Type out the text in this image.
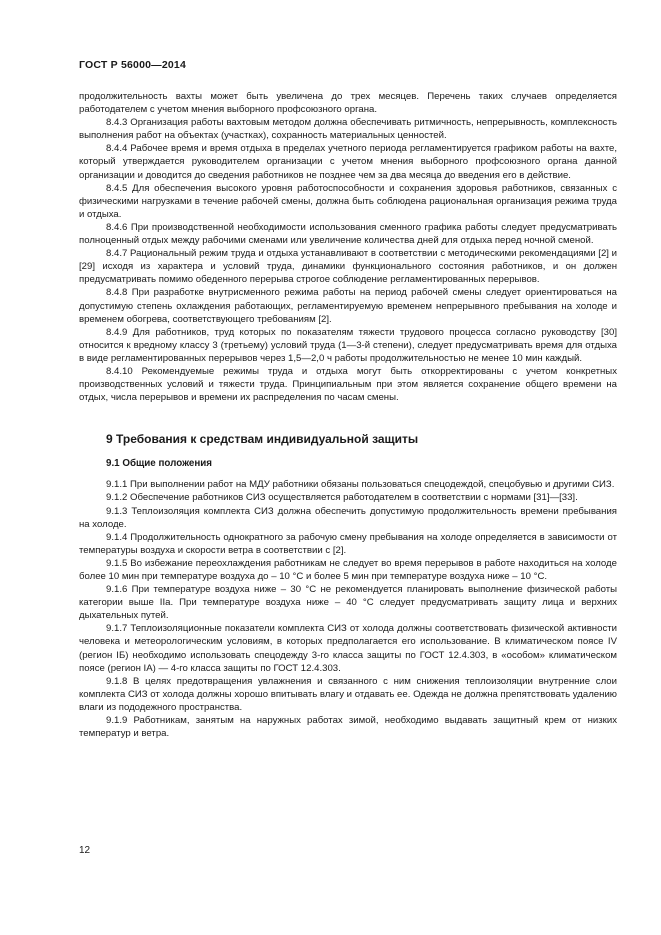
ГОСТ Р 56000—2014

продолжительность вахты может быть увеличена до трех месяцев. Перечень таких случаев определяется работодателем с учетом мнения выборного профсоюзного органа.

8.4.3 Организация работы вахтовым методом должна обеспечивать ритмичность, непрерывность, комплексность выполнения работ на объектах (участках), сохранность материальных ценностей.

8.4.4 Рабочее время и время отдыха в пределах учетного периода регламентируется графиком работы на вахте, который утверждается руководителем организации с учетом мнения выборного профсоюзного органа данной организации и доводится до сведения работников не позднее чем за два месяца до введения его в действие.

8.4.5 Для обеспечения высокого уровня работоспособности и сохранения здоровья работников, связанных с физическими нагрузками в течение рабочей смены, должна быть соблюдена рациональная организация режима труда и отдыха.

8.4.6 При производственной необходимости использования сменного графика работы следует предусматривать полноценный отдых между рабочими сменами или увеличение количества дней для отдыха перед ночной сменой.

8.4.7 Рациональный режим труда и отдыха устанавливают в соответствии с методическими рекомендациями [2] и [29] исходя из характера и условий труда, динамики функционального состояния работников, и он должен предусматривать помимо обеденного перерыва строгое соблюдение регламентированных перерывов.

8.4.8 При разработке внутрисменного режима работы на период рабочей смены следует ориентироваться на допустимую степень охлаждения работающих, регламентируемую временем непрерывного пребывания на холоде и временем обогрева, соответствующего требованиям [2].

8.4.9 Для работников, труд которых по показателям тяжести трудового процесса согласно руководству [30] относится к вредному классу 3 (третьему) условий труда (1—3-й степени), следует предусматривать время для отдыха в виде регламентированных перерывов через 1,5—2,0 ч работы продолжительностью не менее 10 мин каждый.

8.4.10 Рекомендуемые режимы труда и отдыха могут быть откорректированы с учетом конкретных производственных условий и тяжести труда. Принципиальным при этом является сохранение общего времени на отдых, числа перерывов и времени их распределения по часам смены.

9 Требования к средствам индивидуальной защиты
9.1 Общие положения

9.1.1 При выполнении работ на МДУ работники обязаны пользоваться спецодеждой, спецобувью и другими СИЗ.

9.1.2 Обеспечение работников СИЗ осуществляется работодателем в соответствии с нормами [31]—[33].

9.1.3 Теплоизоляция комплекта СИЗ должна обеспечить допустимую продолжительность времени пребывания на холоде.

9.1.4 Продолжительность однократного за рабочую смену пребывания на холоде определяется в зависимости от температуры воздуха и скорости ветра в соответствии с [2].

9.1.5 Во избежание переохлаждения работникам не следует во время перерывов в работе находиться на холоде более 10 мин при температуре воздуха до – 10 °С и более 5 мин при температуре воздуха ниже – 10 °С.

9.1.6 При температуре воздуха ниже – 30 °С не рекомендуется планировать выполнение физической работы категории выше IIа. При температуре воздуха ниже – 40 °С следует предусматривать защиту лица и верхних дыхательных путей.

9.1.7 Теплоизоляционные показатели комплекта СИЗ от холода должны соответствовать физической активности человека и метеорологическим условиям, в которых предполагается его использование. В климатическом поясе IV (регион IБ) необходимо использовать спецодежду 3-го класса защиты по ГОСТ 12.4.303, в «особом» климатическом поясе (регион IА) — 4-го класса защиты по ГОСТ 12.4.303.

9.1.8 В целях предотвращения увлажнения и связанного с ним снижения теплоизоляции внутренние слои комплекта СИЗ от холода должны хорошо впитывать влагу и отдавать ее. Одежда не должна препятствовать удалению влаги из пододежного пространства.

9.1.9 Работникам, занятым на наружных работах зимой, необходимо выдавать защитный крем от низких температур и ветра.

12
